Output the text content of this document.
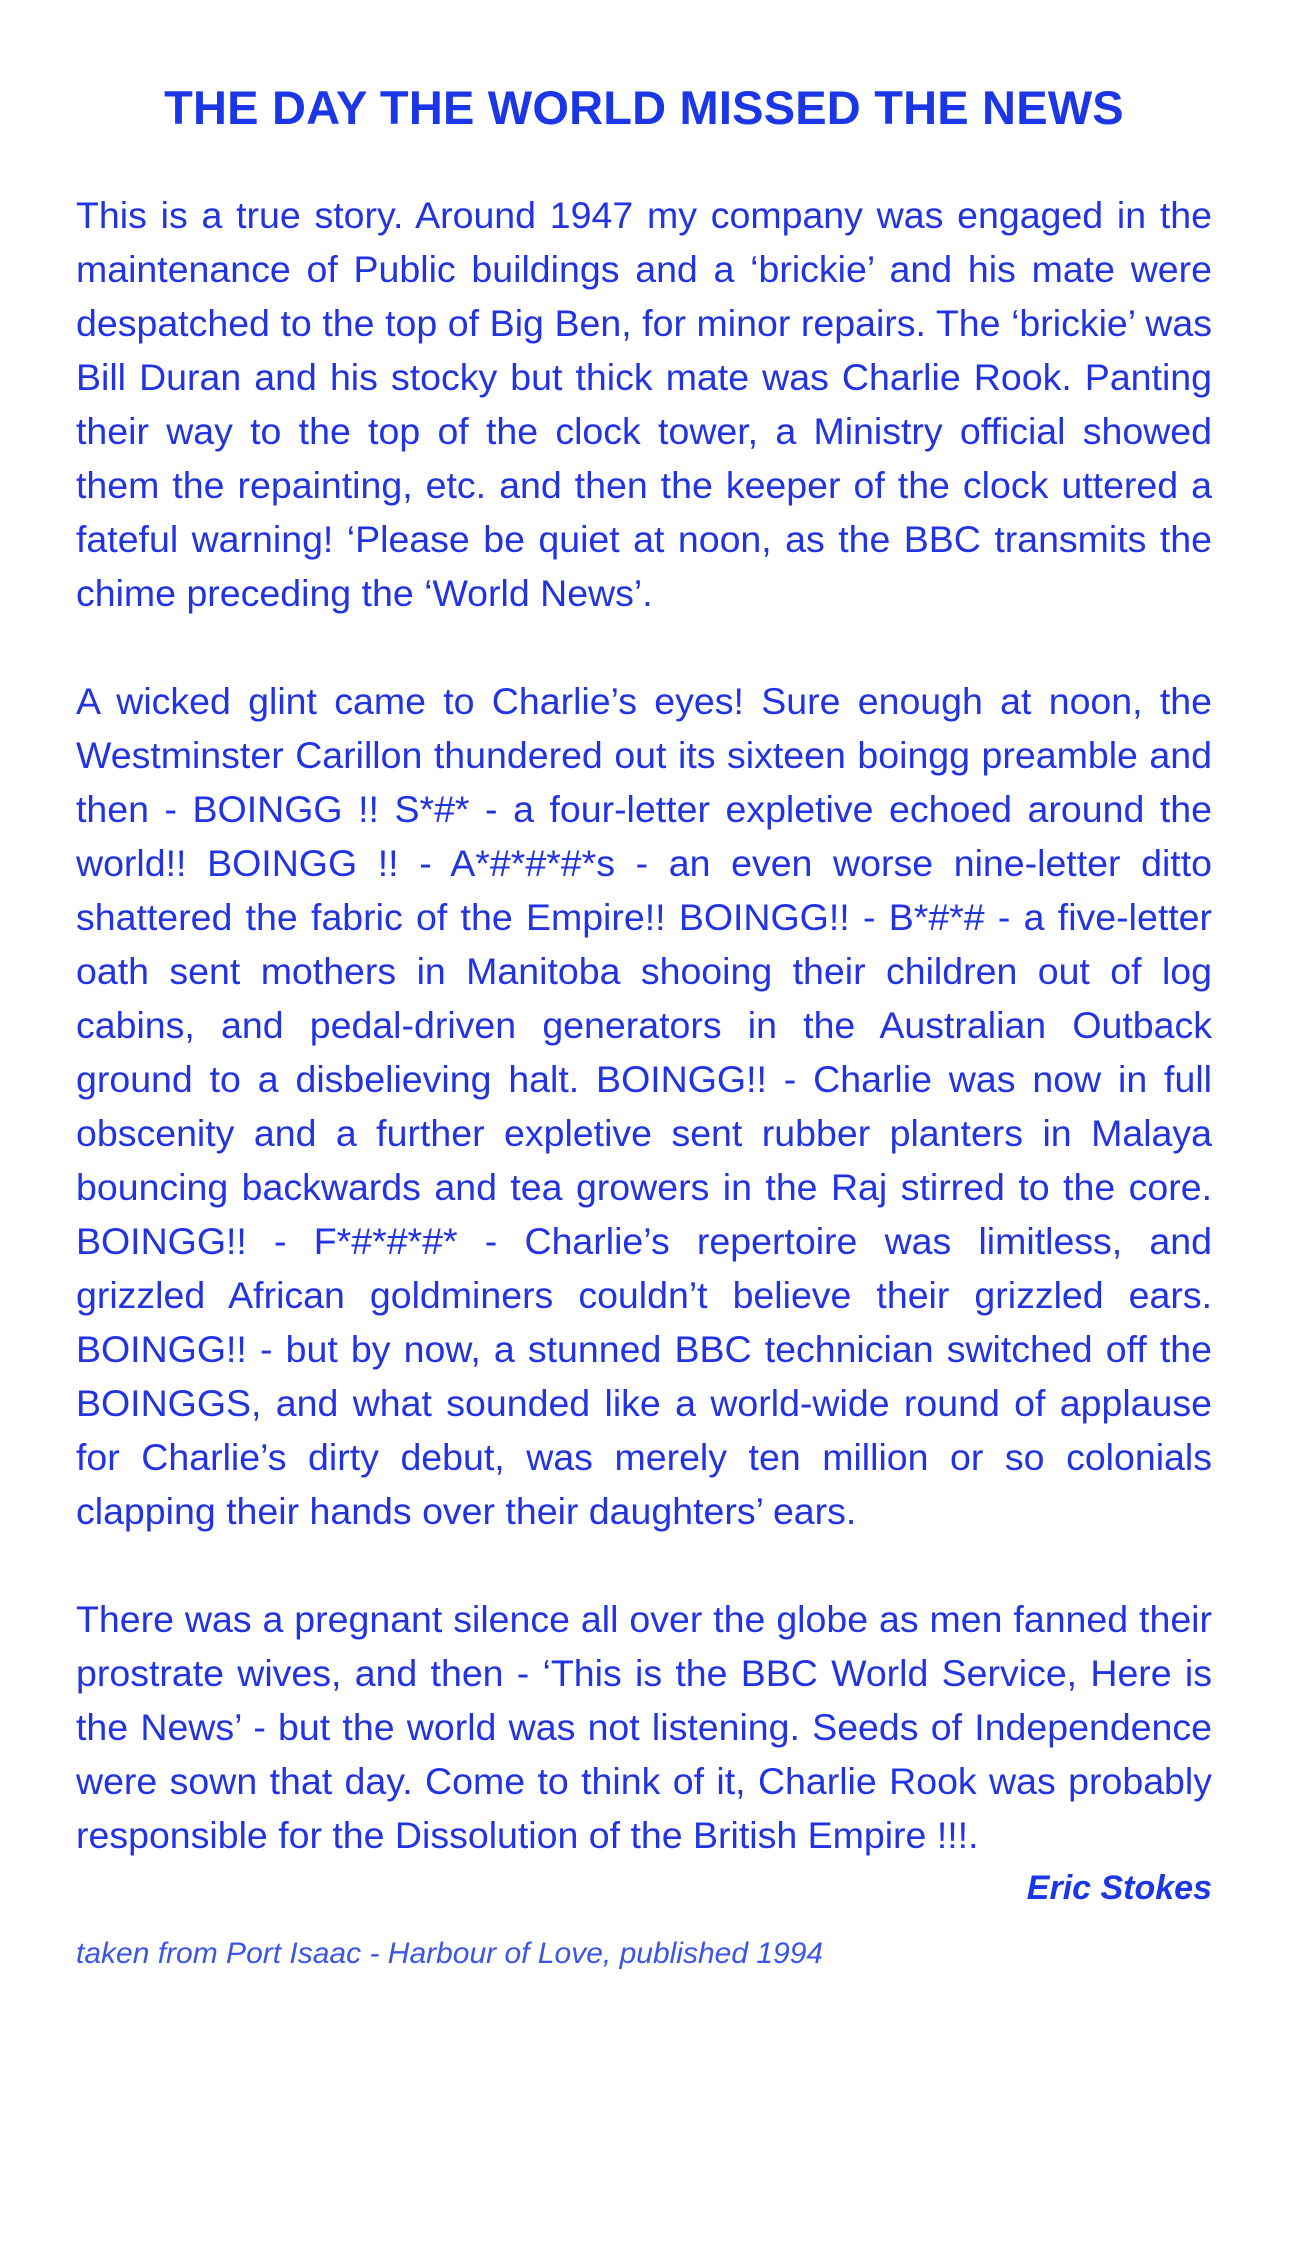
THE DAY THE WORLD MISSED THE NEWS

This is a true story. Around 1947 my company was engaged in the maintenance of Public buildings and a ‘brickie’ and his mate were despatched to the top of Big Ben, for minor repairs. The ‘brickie’ was Bill Duran and his stocky but thick mate was Charlie Rook. Panting their way to the top of the clock tower, a Ministry official showed them the repainting, etc. and then the keeper of the clock uttered a fateful warning! ‘Please be quiet at noon, as the BBC transmits the chime preceding the ‘World News’.

A wicked glint came to Charlie’s eyes! Sure enough at noon, the Westminster Carillon thundered out its sixteen boingg preamble and then - BOINGG !! S*#* - a four-letter expletive echoed around the world!! BOINGG !! - A*#*#*#*s - an even worse nine-letter ditto shattered the fabric of the Empire!! BOINGG!! - B*#*# - a five-letter oath sent mothers in Manitoba shooing their children out of log cabins, and pedal-driven generators in the Australian Outback ground to a disbelieving halt. BOINGG!! - Charlie was now in full obscenity and a further expletive sent rubber planters in Malaya bouncing backwards and tea growers in the Raj stirred to the core. BOINGG!! - F*#*#*#* - Charlie’s repertoire was limitless, and grizzled African goldminers couldn’t believe their grizzled ears. BOINGG!! - but by now, a stunned BBC technician switched off the BOINGGS, and what sounded like a world-wide round of applause for Charlie’s dirty debut, was merely ten million or so colonials clapping their hands over their daughters’ ears.

There was a pregnant silence all over the globe as men fanned their prostrate wives, and then - ‘This is the BBC World Service, Here is the News’ - but the world was not listening. Seeds of Independence were sown that day. Come to think of it, Charlie Rook was probably responsible for the Dissolution of the British Empire !!!.

Eric Stokes

taken from Port Isaac - Harbour of Love, published 1994
